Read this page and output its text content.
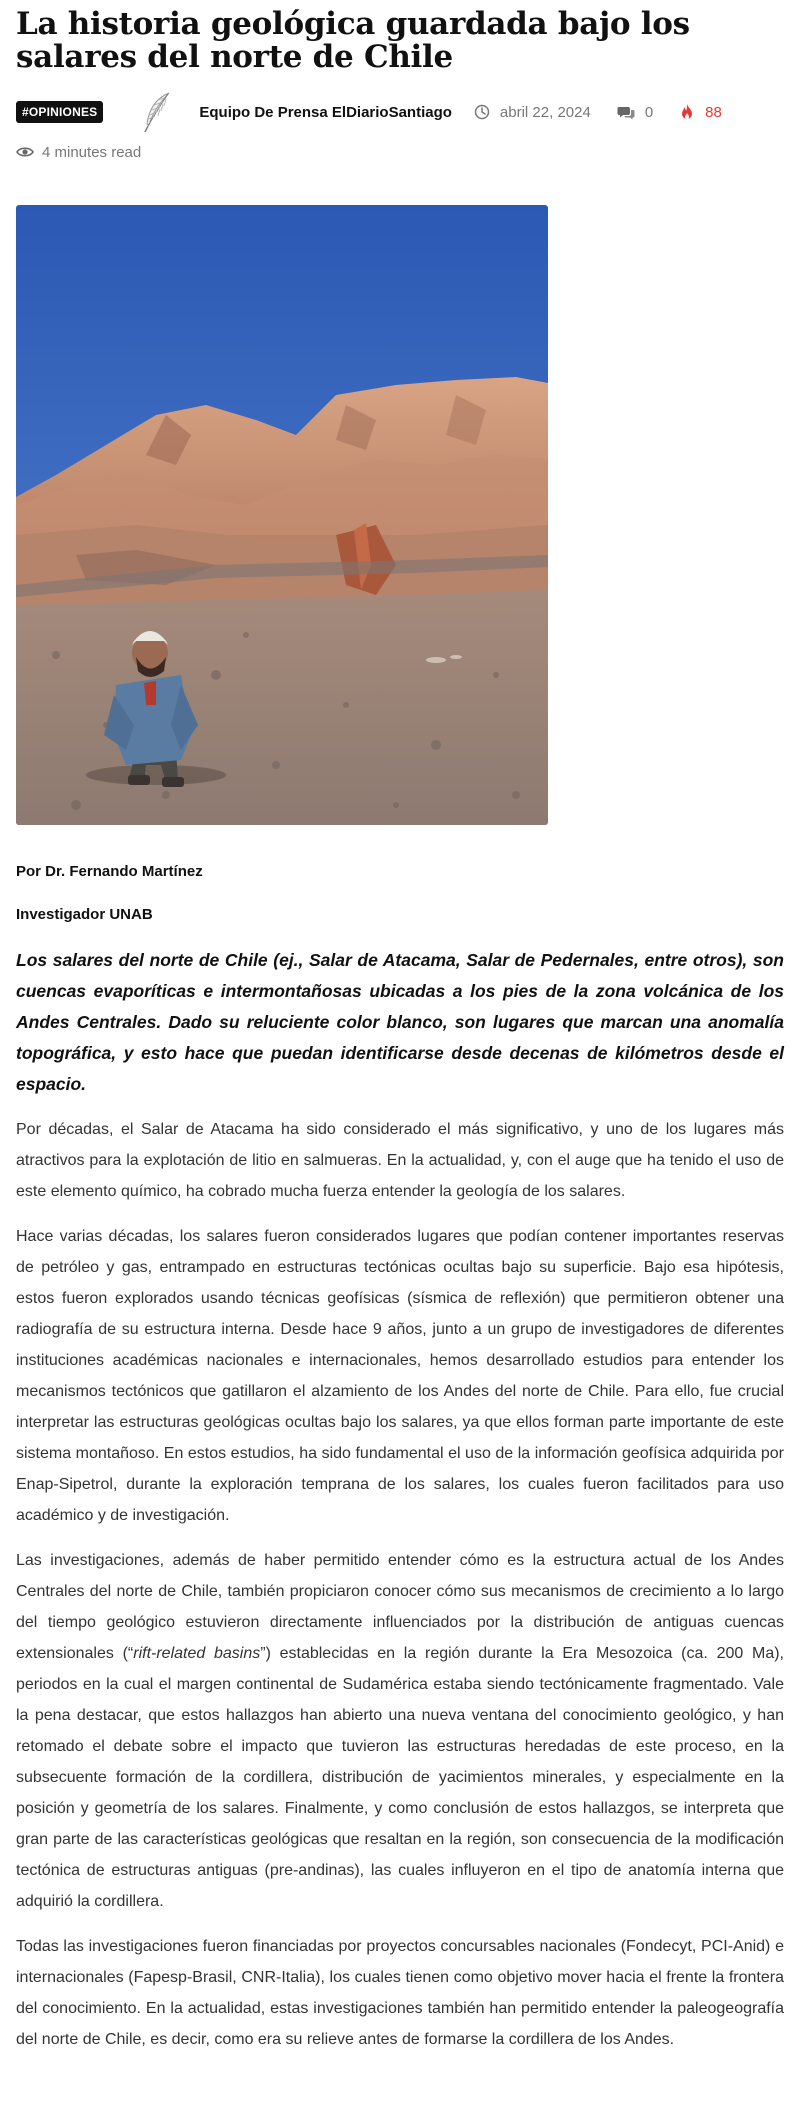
La historia geológica guardada bajo los salares del norte de Chile
#OPINIONES	Equipo De Prensa ElDiarioSantiago	abril 22, 2024	0	88
4 minutes read

Por Dr. Fernando Martínez

Investigador UNAB

Los salares del norte de Chile (ej., Salar de Atacama, Salar de Pedernales, entre otros), son cuencas evaporíticas e intermontañosas ubicadas a los pies de la zona volcánica de los Andes Centrales. Dado su reluciente color blanco, son lugares que marcan una anomalía topográfica, y esto hace que puedan identificarse desde decenas de kilómetros desde el espacio.

Por décadas, el Salar de Atacama ha sido considerado el más significativo, y uno de los lugares más atractivos para la explotación de litio en salmueras. En la actualidad, y, con el auge que ha tenido el uso de este elemento químico, ha cobrado mucha fuerza entender la geología de los salares.

Hace varias décadas, los salares fueron considerados lugares que podían contener importantes reservas de petróleo y gas, entrampado en estructuras tectónicas ocultas bajo su superficie. Bajo esa hipótesis, estos fueron explorados usando técnicas geofísicas (sísmica de reflexión) que permitieron obtener una radiografía de su estructura interna. Desde hace 9 años, junto a un grupo de investigadores de diferentes instituciones académicas nacionales e internacionales, hemos desarrollado estudios para entender los mecanismos tectónicos que gatillaron el alzamiento de los Andes del norte de Chile. Para ello, fue crucial interpretar las estructuras geológicas ocultas bajo los salares, ya que ellos forman parte importante de este sistema montañoso. En estos estudios, ha sido fundamental el uso de la información geofísica adquirida por Enap-Sipetrol, durante la exploración temprana de los salares, los cuales fueron facilitados para uso académico y de investigación.

Las investigaciones, además de haber permitido entender cómo es la estructura actual de los Andes Centrales del norte de Chile, también propiciaron conocer cómo sus mecanismos de crecimiento a lo largo del tiempo geológico estuvieron directamente influenciados por la distribución de antiguas cuencas extensionales (“rift-related basins”) establecidas en la región durante la Era Mesozoica (ca. 200 Ma), periodos en la cual el margen continental de Sudamérica estaba siendo tectónicamente fragmentado. Vale la pena destacar, que estos hallazgos han abierto una nueva ventana del conocimiento geológico, y han retomado el debate sobre el impacto que tuvieron las estructuras heredadas de este proceso, en la subsecuente formación de la cordillera, distribución de yacimientos minerales, y especialmente en la posición y geometría de los salares. Finalmente, y como conclusión de estos hallazgos, se interpreta que gran parte de las características geológicas que resaltan en la región, son consecuencia de la modificación tectónica de estructuras antiguas (pre-andinas), las cuales influyeron en el tipo de anatomía interna que adquirió la cordillera.

Todas las investigaciones fueron financiadas por proyectos concursables nacionales (Fondecyt, PCI-Anid) e internacionales (Fapesp-Brasil, CNR-Italia), los cuales tienen como objetivo mover hacia el frente la frontera del conocimiento. En la actualidad, estas investigaciones también han permitido entender la paleogeografía del norte de Chile, es decir, como era su relieve antes de formarse la cordillera de los Andes.
